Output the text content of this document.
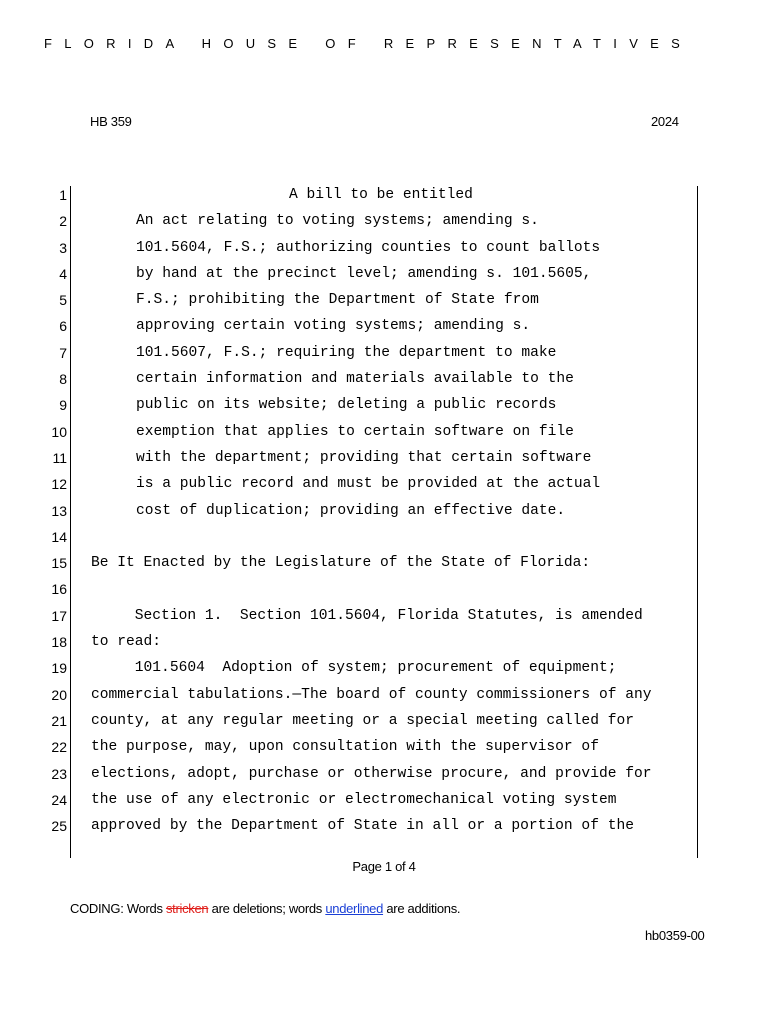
FLORIDA HOUSE OF REPRESENTATIVES
HB 359	2024
1	A bill to be entitled
2	An act relating to voting systems; amending s.
3	101.5604, F.S.; authorizing counties to count ballots
4	by hand at the precinct level; amending s. 101.5605,
5	F.S.; prohibiting the Department of State from
6	approving certain voting systems; amending s.
7	101.5607, F.S.; requiring the department to make
8	certain information and materials available to the
9	public on its website; deleting a public records
10	exemption that applies to certain software on file
11	with the department; providing that certain software
12	is a public record and must be provided at the actual
13	cost of duplication; providing an effective date.
14
15 Be It Enacted by the Legislature of the State of Florida:
16
17 Section 1.  Section 101.5604, Florida Statutes, is amended
18 to read:
19 101.5604  Adoption of system; procurement of equipment;
20 commercial tabulations.—The board of county commissioners of any
21 county, at any regular meeting or a special meeting called for
22 the purpose, may, upon consultation with the supervisor of
23 elections, adopt, purchase or otherwise procure, and provide for
24 the use of any electronic or electromechanical voting system
25 approved by the Department of State in all or a portion of the
Page 1 of 4
CODING: Words stricken are deletions; words underlined are additions.
hb0359-00
